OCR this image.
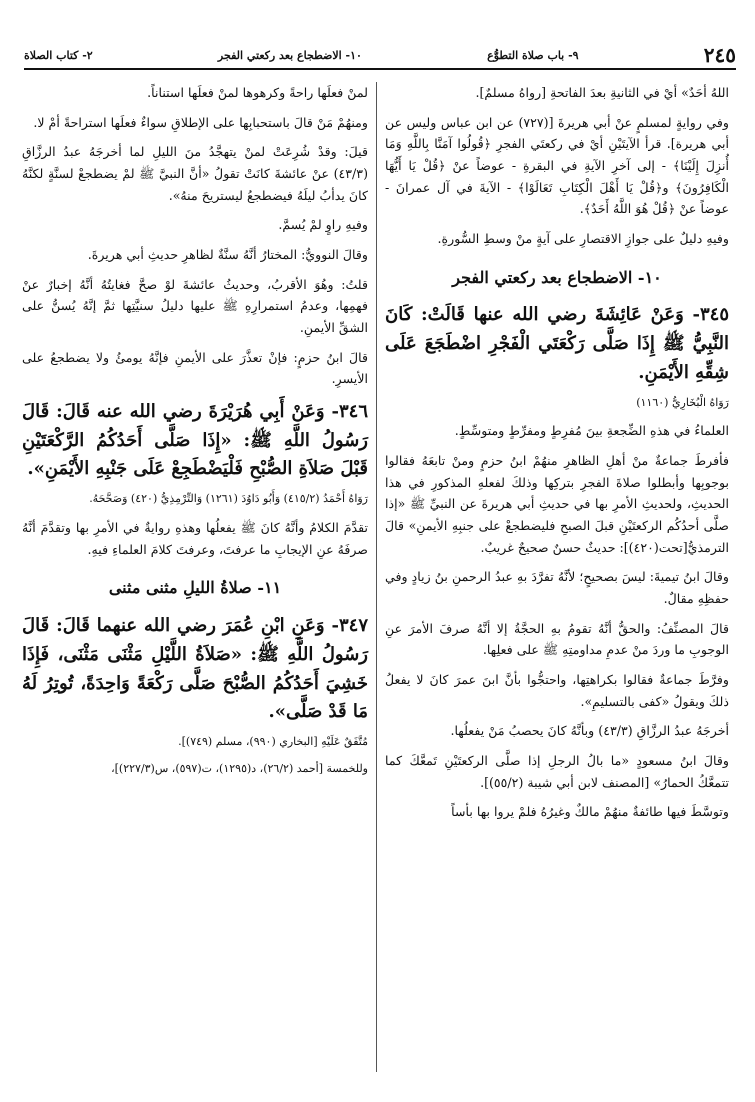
٢٤٥
٩- باب صلاة التطوُّع
١٠- الاضطجاع بعد ركعتي الفجر
٢- كتاب الصلاة

اللهُ أحَدٌ» أيْ في الثانيةِ بعدَ الفاتحةِ [رواهُ مسلمٌ].

وفي روايةٍ لمسلمٍ عنْ أبي هريرةَ [(٧٢٧) عن ابن عباس وليس عن أبي هريرة]. قرأ الآيتَيْنِ أيْ في ركعتَي الفجرِ ﴿قُولُوا آمَنَّا بِاللَّهِ وَمَا أُنزِلَ إِلَيْنَا﴾ - إلى آخرِ الآيةِ في البقرةِ - عوضاً عنْ ﴿قُلْ يَا أَيُّهَا الْكَافِرُونَ﴾ و﴿قُلْ يَا أَهْلَ الْكِتَابِ تَعَالَوْا﴾ - الآيةَ في آل عمرانَ - عوضاً عنْ ﴿قُلْ هُوَ اللَّهُ أَحَدٌ﴾.

وفيهِ دليلٌ على جوازِ الاقتصارِ على آيةٍ منْ وسطِ السُّورةِ.

١٠- الاضطجاع بعد ركعتي الفجر
٣٤٥- وَعَنْ عَائِشَةَ رضي الله عنها قَالَتْ: كَانَ النَّبِيُّ ﷺ إِذَا صَلَّى رَكْعَتَي الْفَجْرِ اضْطَجَعَ عَلَى شِقِّهِ الأَيْمَنِ.
رَوَاهُ الْبُخَارِيُّ (١١٦٠)

العلماءُ في هذهِ الضِّجعةِ بينَ مُفرِطٍ ومفرِّطٍ ومتوسِّطٍ.

فأفرطَ جماعةٌ منْ أهلِ الظاهرِ منهُمْ ابنُ حزمٍ ومنْ تابعَهُ فقالوا بوجوبِها وأبطلوا صلاةَ الفجرِ بتركِها وذلكَ لفعلهِ المذكورِ في هذا الحديثِ، ولحديثِ الأمرِ بها في حديثِ أبي هريرةَ عن النبيِّ ﷺ «إذا صلَّى أحدُكُم الركعتَيْنِ قبلَ الصبحِ فليضطجعْ على جنبِهِ الأيمنِ» قالَ الترمذيُّ[تحت(٤٢٠)]: حديثٌ حسنٌ صحيحٌ غريبٌ.

وقالَ ابنُ تيميةَ: ليسَ بصحيحٍ؛ لأنَّهُ تفرَّدَ بهِ عبدُ الرحمنِ بنُ زيادٍ وفي حفظِهِ مقالٌ.

قالَ المصنِّفُ: والحقُّ أنَّهُ تقومُ بهِ الحجَّةُ إلا أنَّهُ صرفَ الأمرَ عنِ الوجوبِ ما وردَ منْ عدمِ مداومتِهِ ﷺ على فعلِها.

وفرَّطَ جماعةٌ فقالوا بكراهتِها، واحتجُّوا بأنَّ ابنَ عمرَ كانَ لا يفعلُ ذلكَ ويقولُ «كفى بالتسليمِ».

أخرجَهُ عبدُ الرزَّاقِ (٤٣/٣) وبأنَّهُ كانَ يحصبُ مَنْ يفعلُها.

وقالَ ابنُ مسعودٍ «ما بالُ الرجلِ إذا صلَّى الركعتَيْنِ تَمعَّكَ كما تتمعَّكُ الحمارُ» [المصنف لابن أبي شيبة (٥٥/٢)].

وتوسَّطَ فيها طائفةٌ منهُمْ مالكٌ وغيرُهُ فلمْ يروا بها بأساً

لمنْ فعلَها راحةً وكرهوها لمنْ فعلَها استناناً.

ومنهُمْ مَنْ قالَ باستحبابِها على الإطلاقِ سواءٌ فعلَها استراحةً أمْ لا.

قيلَ: وقدْ شُرِعَتْ لمنْ يتهجَّدُ منَ الليلِ لما أخرجَهُ عبدُ الرزَّاقِ (٤٣/٣) عنْ عائشةَ كانَتْ تقولُ «أنَّ النبيَّ ﷺ لمْ يضطجعْ لسنَّةٍ لكنَّهُ كانَ يدأبُ ليلَهُ فيضطجعُ ليستريحَ منهُ».

وفيهِ راوٍ لمْ يُسمَّ.

وقالَ النوويُّ: المختارُ أنَّهُ سنَّةٌ لظاهرِ حديثِ أبي هريرةَ.

قلتُ: وهُوَ الأقربُ، وحديثُ عائشةَ لوْ صحَّ فغايتُهُ أنَّهُ إخبارٌ عنْ فهمِها، وعدمُ استمرارِهِ ﷺ عليها دليلُ سنيَّتِها ثمَّ إنَّهُ يُسنُّ على الشقِّ الأيمنِ.

قالَ ابنُ حزمٍ: فإنْ تعذَّرَ على الأيمنِ فإنَّهُ يومئُ ولا يضطجعُ على الأيسرِ.

٣٤٦- وَعَنْ أَبِي هُرَيْرَةَ رضي الله عنه قَالَ: قَالَ رَسُولُ اللَّهِ ﷺ: «إِذَا صَلَّى أَحَدُكُمُ الرَّكْعَتَيْنِ قَبْلَ صَلاَةِ الصُّبْحِ فَلْيَضْطَجِعْ عَلَى جَنْبِهِ الأَيْمَنِ».
رَوَاهُ أَحْمَدُ (٤١٥/٢) وَأَبُو دَاوُدَ (١٢٦١) وَالتِّرْمِذِيُّ (٤٢٠) وَصَحَّحَهُ.

تقدَّمَ الكلامُ وأنَّهُ كانَ ﷺ يفعلُها وهذهِ روايةٌ في الأمرِ بها وتقدَّمَ أنَّهُ صرفَهُ عنِ الإيجابِ ما عرفتَ، وعرفتَ كلامَ العلماءِ فيهِ.

١١- صلاةُ الليلِ مثنى مثنى
٣٤٧- وَعَنِ ابْنِ عُمَرَ رضي الله عنهما قَالَ: قَالَ رَسُولُ اللَّهِ ﷺ: «صَلاَةُ اللَّيْلِ مَثْنَى مَثْنَى، فَإِذَا خَشِيَ أَحَدُكُمُ الصُّبْحَ صَلَّى رَكْعَةً وَاحِدَةً، تُوتِرُ لَهُ مَا قَدْ صَلَّى».
مُتَّفَقٌ عَلَيْهِ [البخاري (٩٩٠)، مسلم (٧٤٩)].
وللخمسة [أحمد (٢٦/٢)، د(١٢٩٥)، ت(٥٩٧)، س(٢٢٧/٣)]،
